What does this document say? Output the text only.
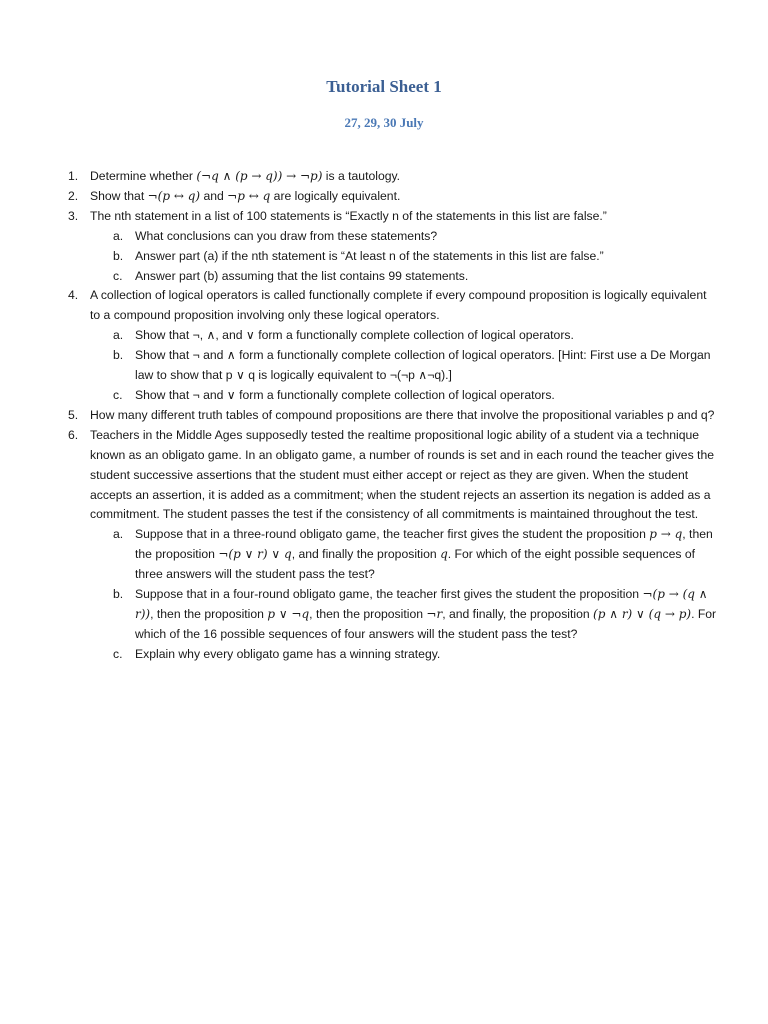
Tutorial Sheet 1
27, 29, 30 July
1. Determine whether (¬q ∧ (p → q)) → ¬p) is a tautology.
2. Show that ¬(p ↔ q) and ¬p ↔ q are logically equivalent.
3. The nth statement in a list of 100 statements is “Exactly n of the statements in this list are false.”
a. What conclusions can you draw from these statements?
b. Answer part (a) if the nth statement is “At least n of the statements in this list are false.”
c. Answer part (b) assuming that the list contains 99 statements.
4. A collection of logical operators is called functionally complete if every compound proposition is logically equivalent to a compound proposition involving only these logical operators.
a. Show that ¬, ∧, and ∨ form a functionally complete collection of logical operators.
b. Show that ¬ and ∧ form a functionally complete collection of logical operators. [Hint: First use a De Morgan law to show that p ∨ q is logically equivalent to ¬(¬p ∧¬q).]
c. Show that ¬ and ∨ form a functionally complete collection of logical operators.
5. How many different truth tables of compound propositions are there that involve the propositional variables p and q?
6. Teachers in the Middle Ages supposedly tested the realtime propositional logic ability of a student via a technique known as an obligato game. In an obligato game, a number of rounds is set and in each round the teacher gives the student successive assertions that the student must either accept or reject as they are given. When the student accepts an assertion, it is added as a commitment; when the student rejects an assertion its negation is added as a commitment. The student passes the test if the consistency of all commitments is maintained throughout the test.
a. Suppose that in a three-round obligato game, the teacher first gives the student the proposition p → q, then the proposition ¬(p ∨ r) ∨ q, and finally the proposition q. For which of the eight possible sequences of three answers will the student pass the test?
b. Suppose that in a four-round obligato game, the teacher first gives the student the proposition ¬(p → (q ∧ r)), then the proposition p ∨ ¬q, then the proposition ¬r, and finally, the proposition (p ∧ r) ∨ (q → p). For which of the 16 possible sequences of four answers will the student pass the test?
c. Explain why every obligato game has a winning strategy.
